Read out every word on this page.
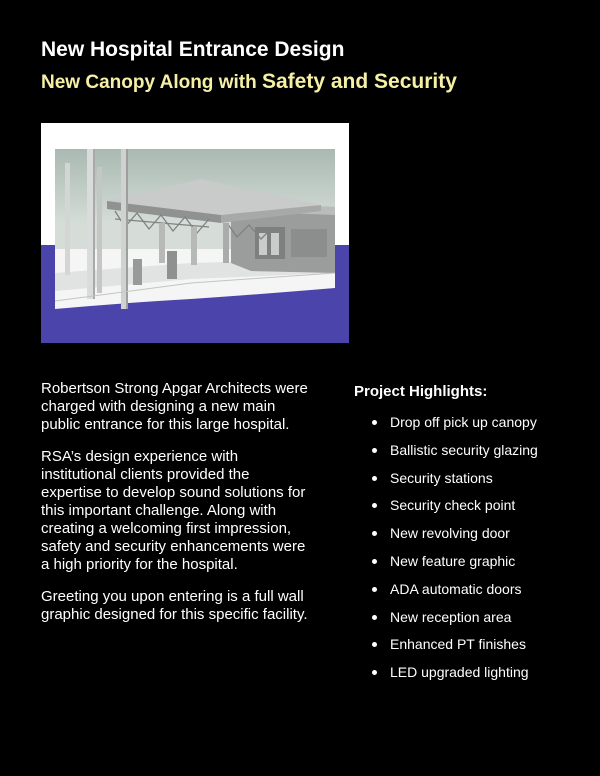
New Hospital Entrance Design
New Canopy Along with Safety and Security

Robertson Strong Apgar Architects were charged with designing a new main public entrance for this large hospital.

RSA’s design experience with institutional clients provided the expertise to develop sound solutions for this important challenge. Along with creating a welcoming first impression, safety and security enhancements were a high priority for the hospital.

Greeting you upon entering is a full wall graphic designed for this specific facility.

Project Highlights:
Drop off pick up canopy
Ballistic security glazing
Security stations
Security check point
New revolving door
New feature graphic
ADA automatic doors
New reception area
Enhanced PT finishes
LED upgraded lighting
